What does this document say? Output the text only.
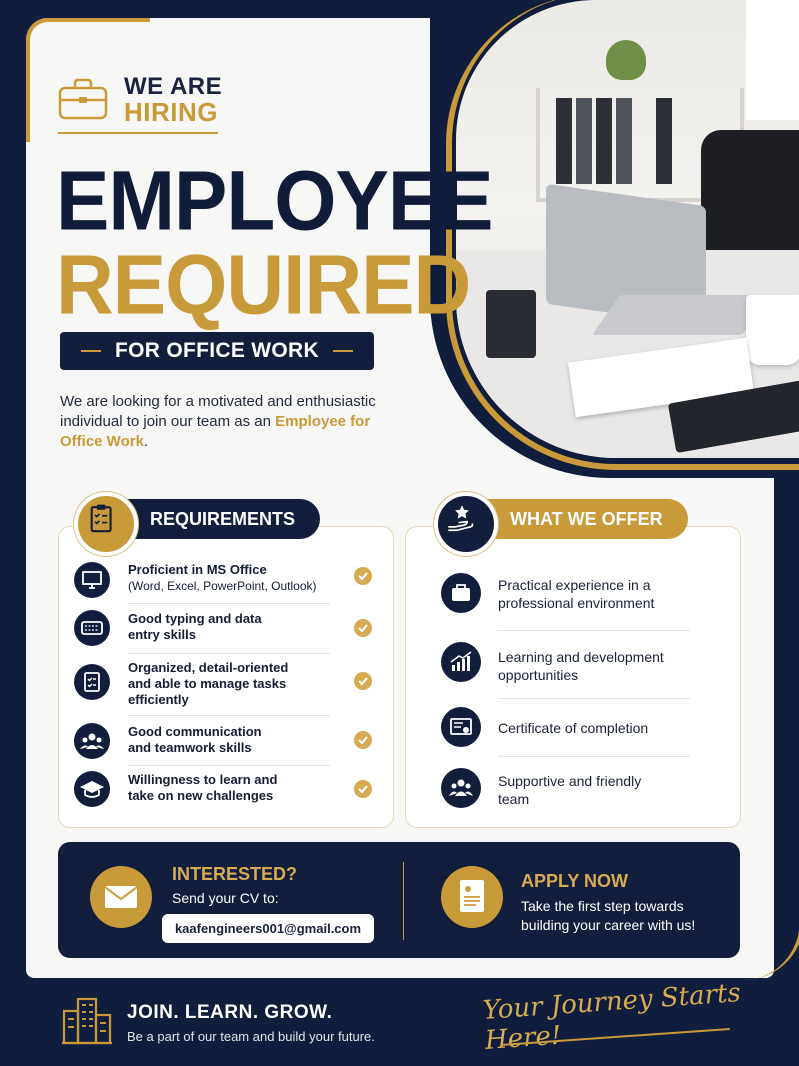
WE ARE
HIRING
EMPLOYEE
REQUIRED
FOR OFFICE WORK
We are looking for a motivated and enthusiastic individual to join our team as an Employee for Office Work.
REQUIREMENTS
Proficient in MS Office
(Word, Excel, PowerPoint, Outlook)
Good typing and data entry skills
Organized, detail-oriented and able to manage tasks efficiently
Good communication and teamwork skills
Willingness to learn and take on new challenges
WHAT WE OFFER
Practical experience in a professional environment
Learning and development opportunities
Certificate of completion
Supportive and friendly team
INTERESTED?
Send your CV to:
kaafengineers001@gmail.com
APPLY NOW
Take the first step towards building your career with us!
JOIN. LEARN. GROW.
Be a part of our team and build your future.
Your Journey Starts Here!
